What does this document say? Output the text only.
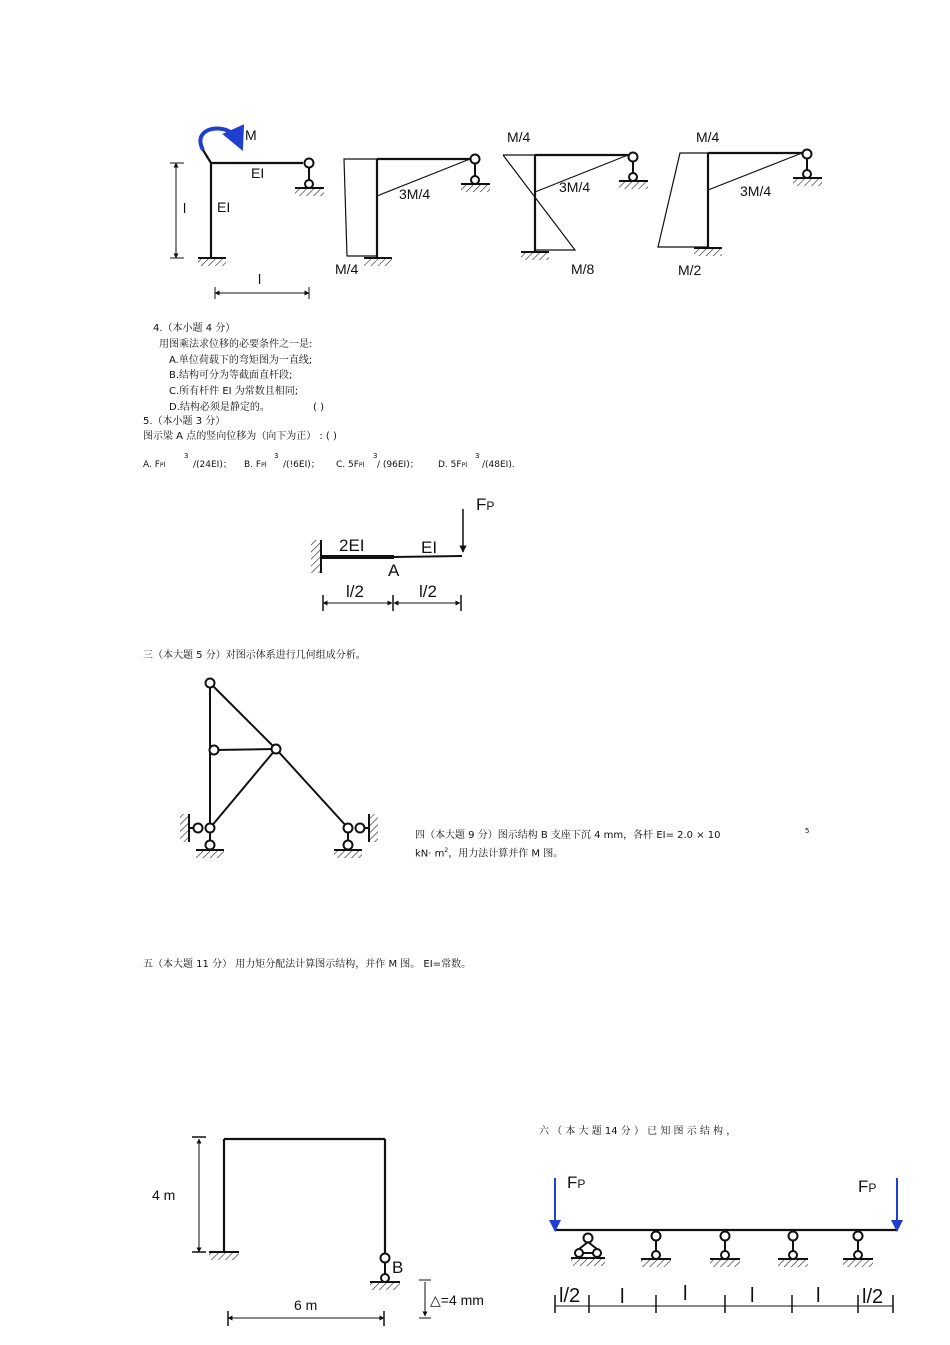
M
EI
EI
l
l
3M/4
M/4
M/4
3M/4
M/8
M/4
3M/4
M/2
4.（本小题 4 分）
用图乘法求位移的必要条件之一是:
A.单位荷载下的弯矩图为一直线;
B.结构可分为等截面直杆段;
C.所有杆件 EI 为常数且相同;
D.结构必须是静定的。	( )
5.（本小题 3 分）
图示梁 A 点的竖向位移为（向下为正） : ( )
A. FPl
3
/(24EI)； B. FPl
3
/(!6EI)； C. 5FPl
3
/ (96EI)； D. 5FPl
3
/(48EI).
FP
2EI	EI
A
l/2	l/2
三（本大题 5 分）对图示体系进行几何组成分析。
四（本大题 9 分）图示结构 B 支座下沉 4 mm，各杆 EI= 2.0 × 10	5
$kN\cdot m^2$，用力法计算并作 M 图。
五（本大题 11 分） 用力矩分配法计算图示结构，并作 M 图。 EI=常数。
4 m
B
6 m	△=4 mm
六 （ 本 大 题 14 分 ） 已 知 图 示 结 构 ，
FP	FP
l/2 l	l	l	l l/2
